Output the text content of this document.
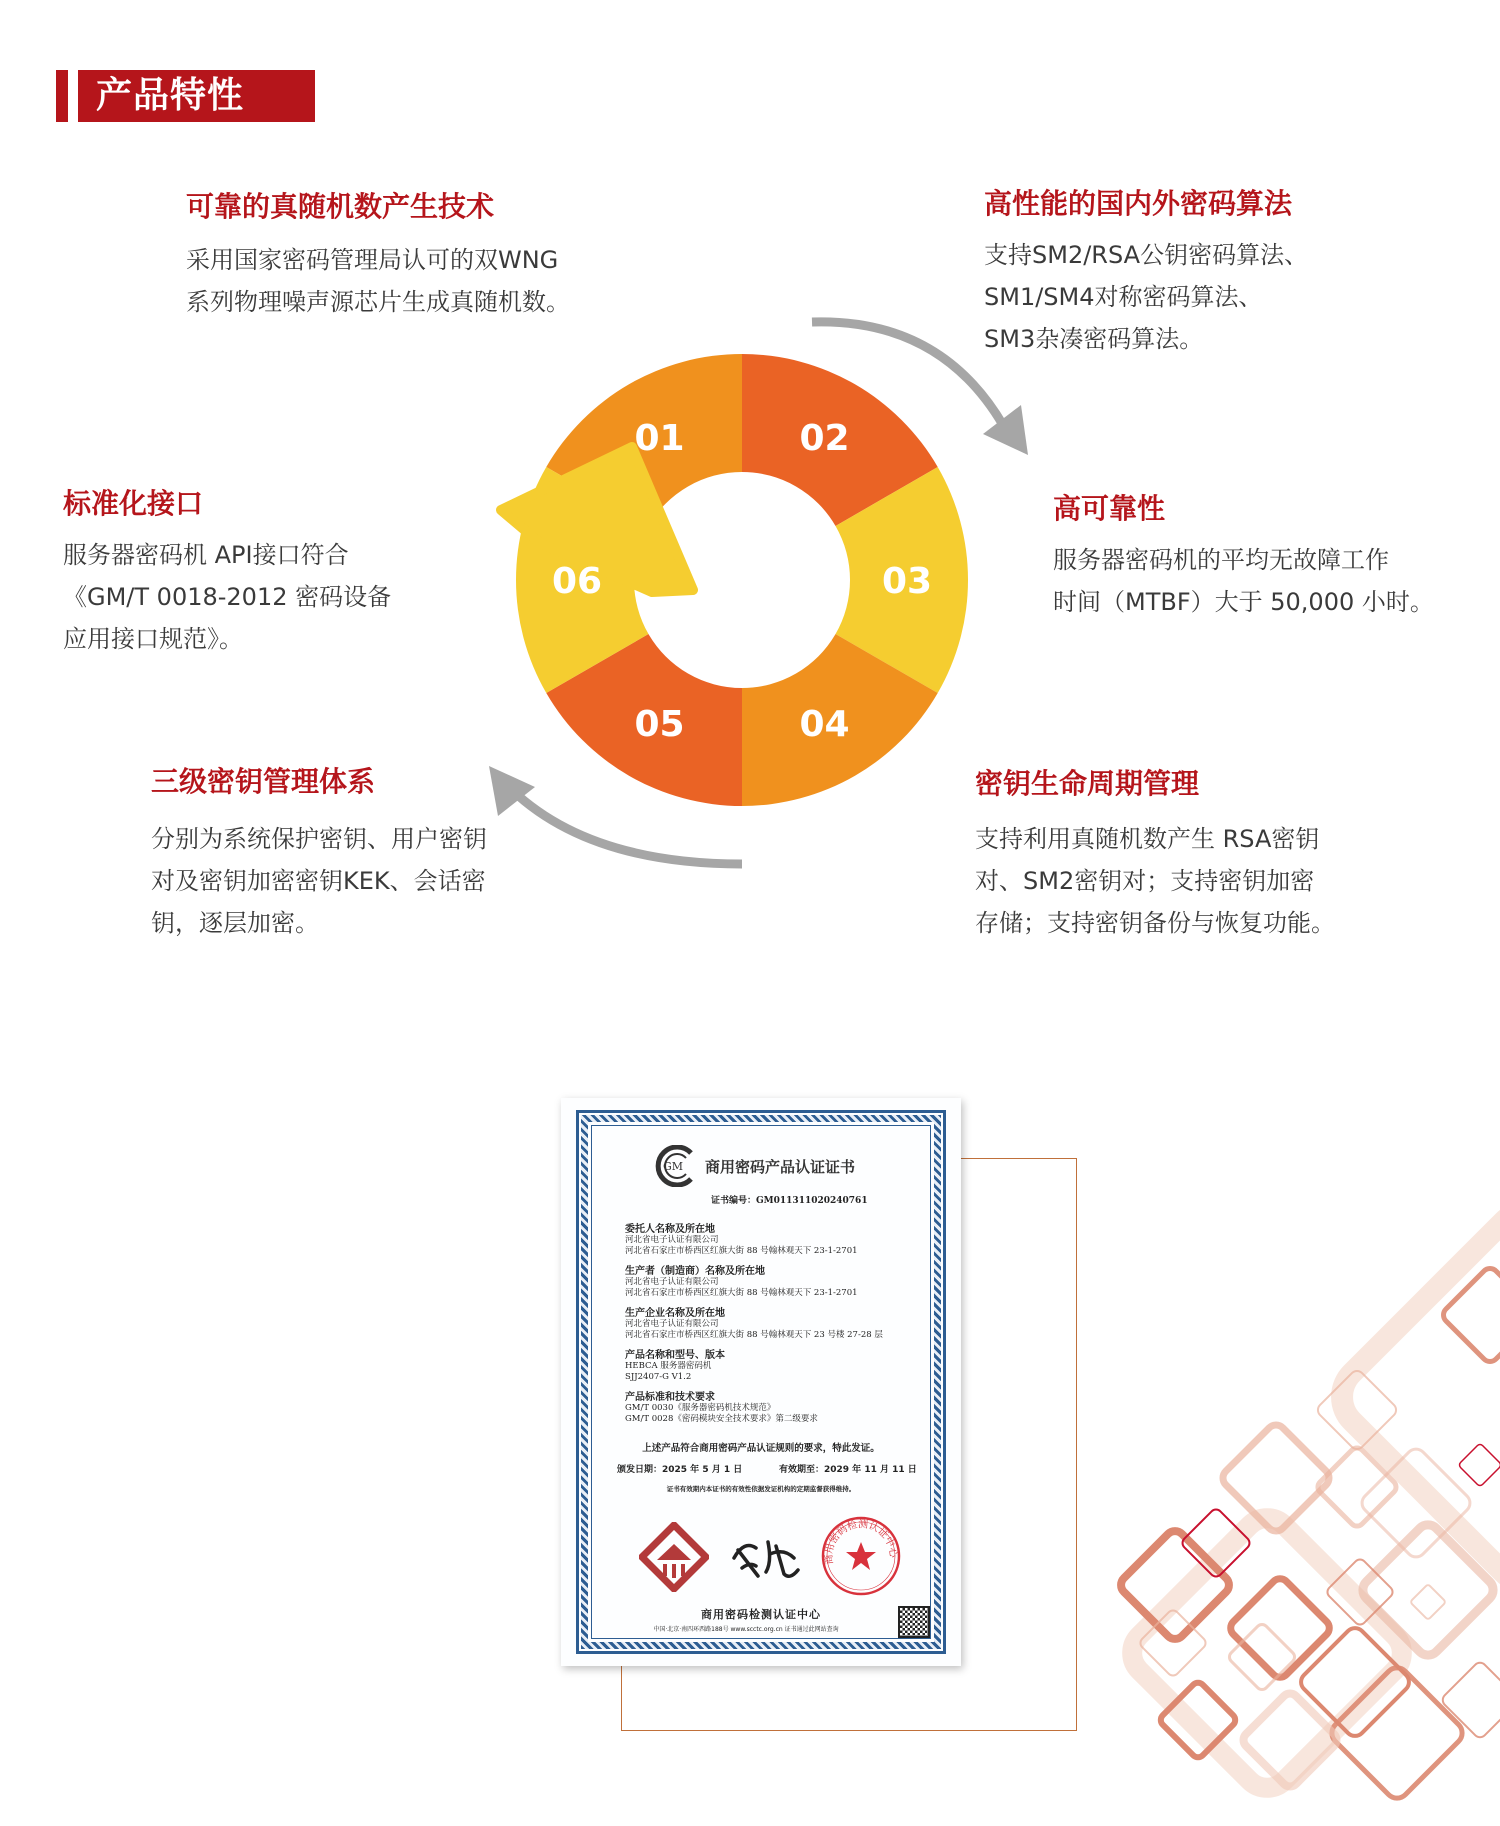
产品特性
01	02
03
04
05
06
可靠的真随机数产生技术
采用国家密码管理局认可的双WNG
系列物理噪声源芯片生成真随机数。
高性能的国内外密码算法
支持SM2/RSA公钥密码算法、
SM1/SM4对称密码算法、
SM3杂凑密码算法。
高可靠性
服务器密码机的平均无故障工作
时间（MTBF）大于 50,000 小时。
密钥生命周期管理
支持利用真随机数产生 RSA密钥
对、SM2密钥对；支持密钥加密
存储；支持密钥备份与恢复功能。
三级密钥管理体系
分别为系统保护密钥、用户密钥
对及密钥加密密钥KEK、会话密
钥，逐层加密。
标准化接口
服务器密码机 API接口符合
《GM/T 0018-2012 密码设备
应用接口规范》。
GM 商用密码产品认证证书
证书编号：GM011311020240761
委托人名称及所在地
河北省电子认证有限公司
河北省石家庄市桥西区红旗大街 88 号翰林观天下 23-1-2701
生产者（制造商）名称及所在地
河北省电子认证有限公司
河北省石家庄市桥西区红旗大街 88 号翰林观天下 23-1-2701
生产企业名称及所在地
河北省电子认证有限公司
河北省石家庄市桥西区红旗大街 88 号翰林观天下 23 号楼 27-28 层
产品名称和型号、版本
HEBCA 服务器密码机
SJJ2407-G V1.2
产品标准和技术要求
GM/T 0030《服务器密码机技术规范》
GM/T 0028《密码模块安全技术要求》第二级要求
上述产品符合商用密码产品认证规则的要求，特此发证。
颁发日期：2025 年 5 月 1 日	有效期至：2029 年 11 月 11 日
证书有效期内本证书的有效性依据发证机构的定期监督获得维持。
商用密码检测认证中心
商用密码检测认证中心
中国·北京·南四环西路188号 www.scctc.org.cn 证书通过此网站查询
